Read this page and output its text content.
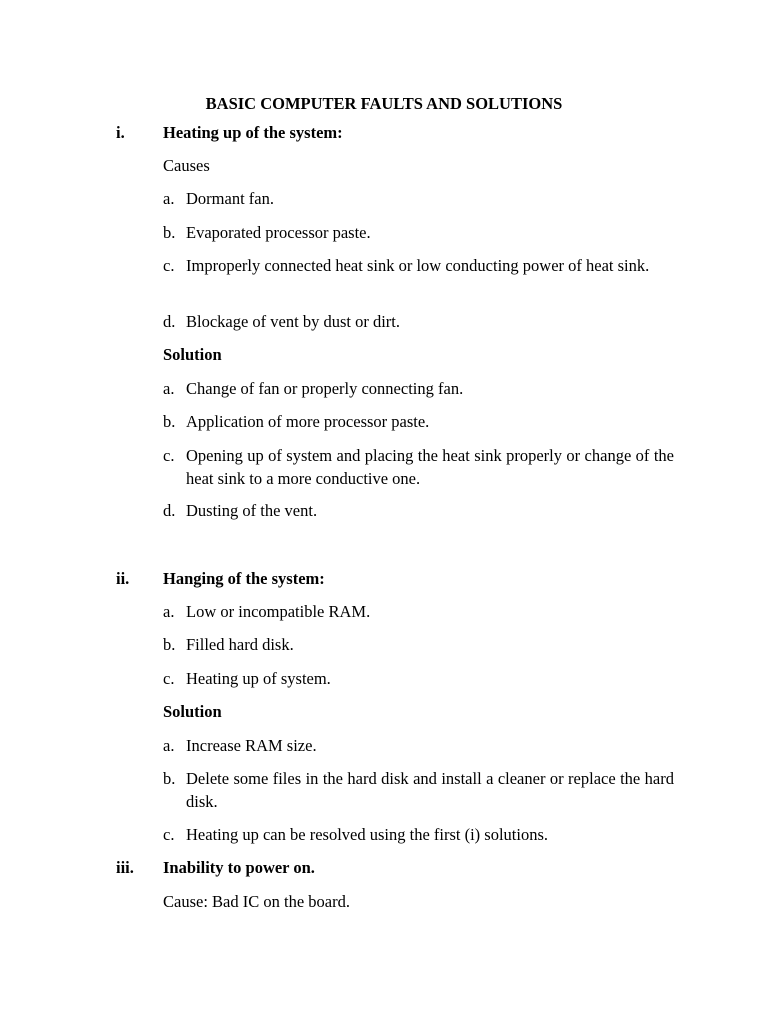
BASIC COMPUTER FAULTS AND SOLUTIONS
i. Heating up of the system:
Causes
a. Dormant fan.
b. Evaporated processor paste.
c. Improperly connected heat sink or low conducting power of heat sink.
d. Blockage of vent by dust or dirt.
Solution
a. Change of fan or properly connecting fan.
b. Application of more processor paste.
c. Opening up of system and placing the heat sink properly or change of the heat sink to a more conductive one.
d. Dusting of the vent.
ii. Hanging of the system:
a. Low or incompatible RAM.
b. Filled hard disk.
c. Heating up of system.
Solution
a. Increase RAM size.
b. Delete some files in the hard disk and install a cleaner or replace the hard disk.
c. Heating up can be resolved using the first (i) solutions.
iii. Inability to power on.
Cause: Bad IC on the board.
